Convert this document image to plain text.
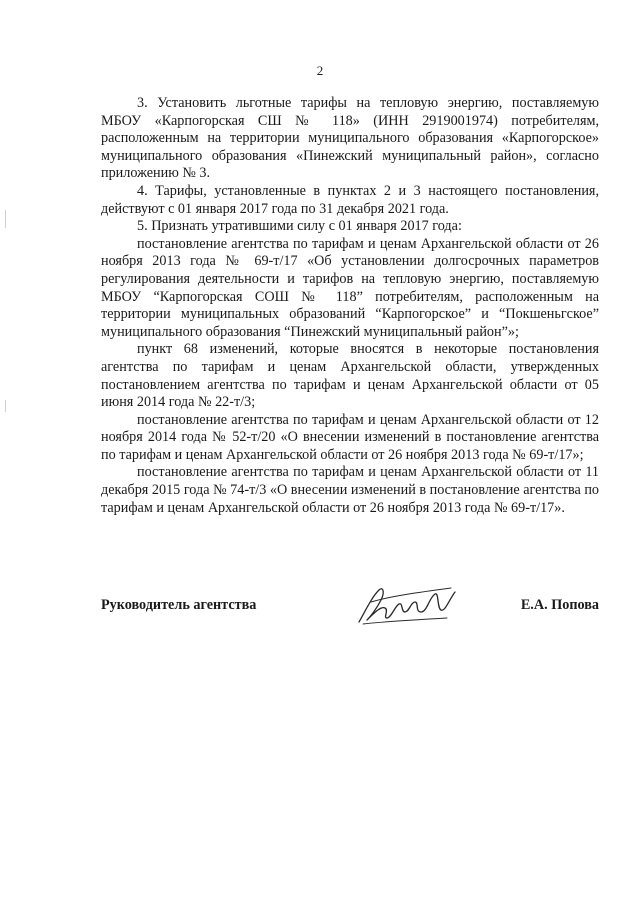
2

3. Установить льготные тарифы на тепловую энергию, поставляемую МБОУ «Карпогорская СШ № 118» (ИНН 2919001974) потребителям, расположенным на территории муниципального образования «Карпогорское» муниципального образования «Пинежский муниципальный район», согласно приложению № 3.

4. Тарифы, установленные в пунктах 2 и 3 настоящего постановления, действуют с 01 января 2017 года по 31 декабря 2021 года.

5. Признать утратившими силу с 01 января 2017 года:

постановление агентства по тарифам и ценам Архангельской области от 26 ноября 2013 года № 69-т/17 «Об установлении долгосрочных параметров регулирования деятельности и тарифов на тепловую энергию, поставляемую МБОУ “Карпогорская СОШ № 118” потребителям, расположенным на территории муниципальных образований “Карпогорское” и “Покшеньгское” муниципального образования “Пинежский муниципальный район”»;

пункт 68 изменений, которые вносятся в некоторые постановления агентства по тарифам и ценам Архангельской области, утвержденных постановлением агентства по тарифам и ценам Архангельской области от 05 июня 2014 года № 22-т/3;

постановление агентства по тарифам и ценам Архангельской области от 12 ноября 2014 года № 52-т/20 «О внесении изменений в постановление агентства по тарифам и ценам Архангельской области от 26 ноября 2013 года № 69-т/17»;

постановление агентства по тарифам и ценам Архангельской области от 11 декабря 2015 года № 74-т/3 «О внесении изменений в постановление агентства по тарифам и ценам Архангельской области от 26 ноября 2013 года № 69-т/17».

Руководитель агентства	Е.А. Попова
